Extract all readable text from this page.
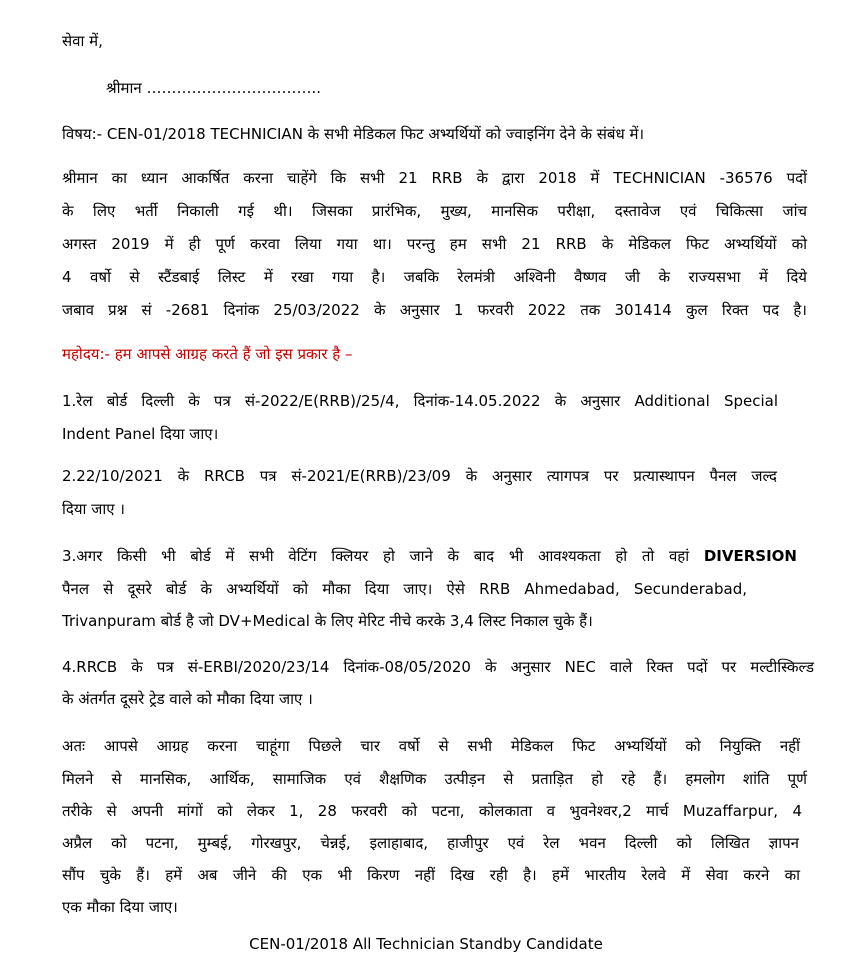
सेवा में,
श्रीमान ……………………………..
विषय:- CEN-01/2018 TECHNICIAN के सभी मेडिकल फिट अभ्यर्थियों को ज्वाइनिंग देने के संबंध में।
श्रीमान का ध्यान आकर्षित करना चाहेंगे कि सभी 21 RRB के द्वारा 2018 में TECHNICIAN -36576 पदों
के लिए भर्ती निकाली गई थी। जिसका प्रारंभिक, मुख्य, मानसिक परीक्षा, दस्तावेज एवं चिकित्सा जांच
अगस्त 2019 में ही पूर्ण करवा लिया गया था। परन्तु हम सभी 21 RRB के मेडिकल फिट अभ्यर्थियों को
4 वर्षो से स्टैंडबाई लिस्ट में रखा गया है। जबकि रेलमंत्री अश्विनी वैष्णव जी के राज्यसभा में दिये
जबाव प्रश्न सं -2681 दिनांक 25/03/2022 के अनुसार 1 फरवरी 2022 तक 301414 कुल रिक्त पद है।
महोदय:- हम आपसे आग्रह करते हैं जो इस प्रकार है –
1.रेल बोर्ड दिल्ली के पत्र सं-2022/E(RRB)/25/4, दिनांक-14.05.2022 के अनुसार Additional Special
Indent Panel दिया जाए।
2.22/10/2021 के RRCB पत्र सं-2021/E(RRB)/23/09 के अनुसार त्यागपत्र पर प्रत्यास्थापन पैनल जल्द
दिया जाए ।
3.अगर किसी भी बोर्ड में सभी वेटिंग क्लियर हो जाने के बाद भी आवश्यकता हो तो वहां DIVERSION
पैनल से दूसरे बोर्ड के अभ्यर्थियों को मौका दिया जाए। ऐसे RRB Ahmedabad, Secunderabad,
Trivanpuram बोर्ड है जो DV+Medical के लिए मेरिट नीचे करके 3,4 लिस्ट निकाल चुके हैं।
4.RRCB के पत्र सं-ERBI/2020/23/14 दिनांक-08/05/2020 के अनुसार NEC वाले रिक्त पदों पर मल्टीस्किल्ड
के अंतर्गत दूसरे ट्रेड वाले को मौका दिया जाए ।
अतः आपसे आग्रह करना चाहूंगा पिछले चार वर्षो से सभी मेडिकल फिट अभ्यर्थियों को नियुक्ति नहीं
मिलने से मानसिक, आर्थिक, सामाजिक एवं शैक्षणिक उत्पीड़न से प्रताड़ित हो रहे हैं। हमलोग शांति पूर्ण
तरीके से अपनी मांगों को लेकर 1, 28 फरवरी को पटना, कोलकाता व भुवनेश्वर,2 मार्च Muzaffarpur, 4
अप्रैल को पटना, मुम्बई, गोरखपुर, चेन्नई, इलाहाबाद, हाजीपुर एवं रेल भवन दिल्ली को लिखित ज्ञापन
सौंप चुके हैं। हमें अब जीने की एक भी किरण नहीं दिख रही है। हमें भारतीय रेलवे में सेवा करने का
एक मौका दिया जाए।
CEN-01/2018 All Technician Standby Candidate
